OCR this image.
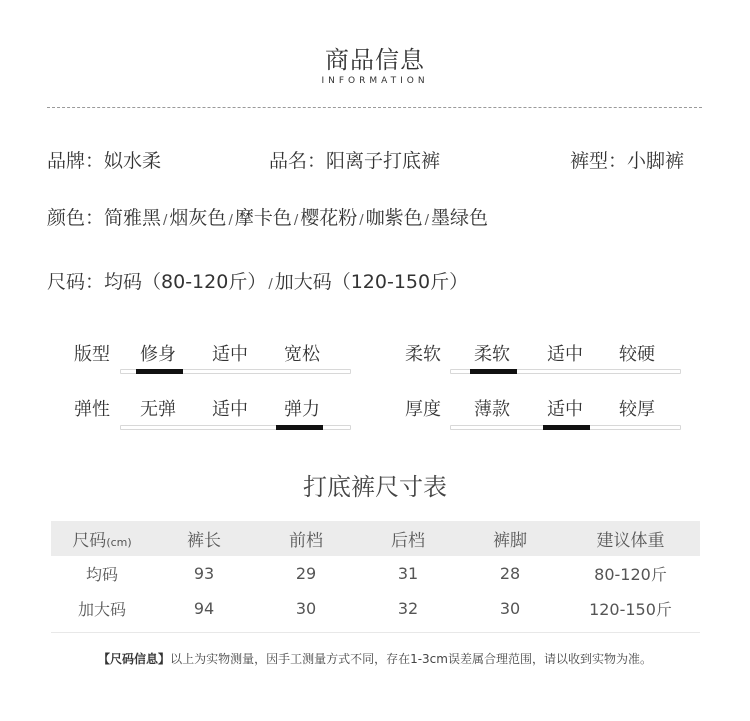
商品信息
INFORMATION
品牌：姒水柔	品名：阳离子打底裤	裤型：小脚裤
颜色：简雅黑 / 烟灰色 / 摩卡色 / 樱花粉 / 咖紫色 / 墨绿色
尺码：均码（80-120斤） / 加大码（120-150斤）
版型 修身 适中 宽松	柔软 柔软 适中 较硬
弹性 无弹 适中 弹力	厚度 薄款 适中 较厚
打底裤尺寸表
尺码(cm)	裤长	前档	后档	裤脚	建议体重
均码	93	29	31	28	80-120斤
加大码	94	30	32	30	120-150斤
【尺码信息】以上为实物测量，因手工测量方式不同，存在1-3cm误差属合理范围，请以收到实物为准。
